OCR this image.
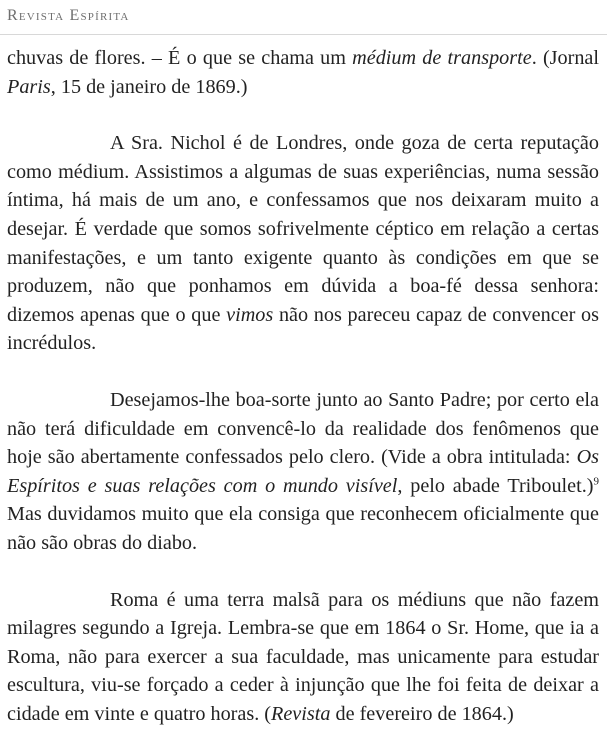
Revista Espírita

chuvas de flores. – É o que se chama um médium de transporte. (Jornal Paris, 15 de janeiro de 1869.)

A Sra. Nichol é de Londres, onde goza de certa reputação como médium. Assistimos a algumas de suas experiências, numa sessão íntima, há mais de um ano, e confessamos que nos deixaram muito a desejar. É verdade que somos sofrivelmente céptico em relação a certas manifestações, e um tanto exigente quanto às condições em que se produzem, não que ponhamos em dúvida a boa-fé dessa senhora: dizemos apenas que o que vimos não nos pareceu capaz de convencer os incrédulos.

Desejamos-lhe boa-sorte junto ao Santo Padre; por certo ela não terá dificuldade em convencê-lo da realidade dos fenômenos que hoje são abertamente confessados pelo clero. (Vide a obra intitulada: Os Espíritos e suas relações com o mundo visível, pelo abade Triboulet.)$^9$ Mas duvidamos muito que ela consiga que reconhecem oficialmente que não são obras do diabo.

Roma é uma terra malsã para os médiuns que não fazem milagres segundo a Igreja. Lembra-se que em 1864 o Sr. Home, que ia a Roma, não para exercer a sua faculdade, mas unicamente para estudar escultura, viu-se forçado a ceder à injunção que lhe foi feita de deixar a cidade em vinte e quatro horas. (Revista de fevereiro de 1864.)
